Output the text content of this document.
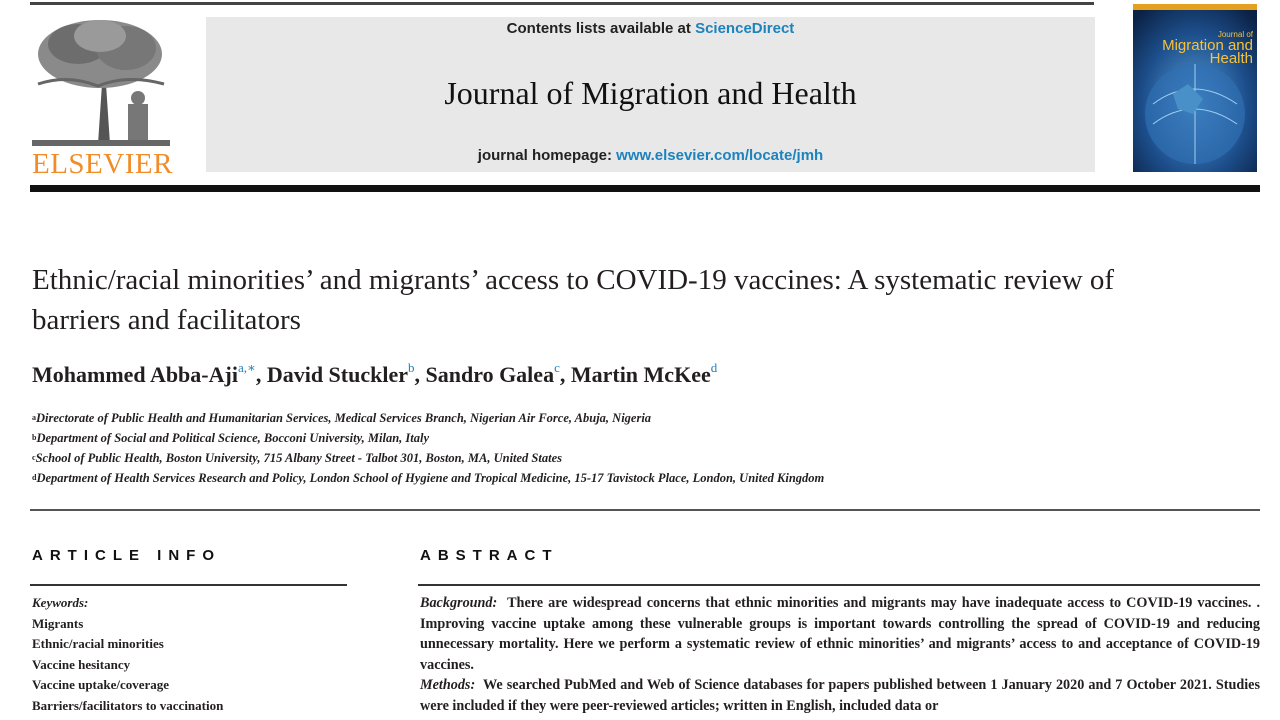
ELSEVIER
Contents lists available at ScienceDirect
Journal of Migration and Health
journal homepage: www.elsevier.com/locate/jmh
Journal of
Migration and Health
Ethnic/racial minorities’ and migrants’ access to COVID-19 vaccines: A systematic review of barriers and facilitators
Mohammed Abba-Aji$^{a,∗}$, David Stuckler$^b$, Sandro Galea$^c$, Martin McKee$^d$
$^a$Directorate of Public Health and Humanitarian Services, Medical Services Branch, Nigerian Air Force, Abuja, Nigeria
$^b$Department of Social and Political Science, Bocconi University, Milan, Italy
$^c$School of Public Health, Boston University, 715 Albany Street - Talbot 301, Boston, MA, United States
$^d$Department of Health Services Research and Policy, London School of Hygiene and Tropical Medicine, 15-17 Tavistock Place, London, United Kingdom
ARTICLE INFO
Keywords:
Migrants
Ethnic/racial minorities
Vaccine hesitancy
Vaccine uptake/coverage
Barriers/facilitators to vaccination
ABSTRACT
Background: There are widespread concerns that ethnic minorities and migrants may have inadequate access to COVID-19 vaccines. . Improving vaccine uptake among these vulnerable groups is important towards controlling the spread of COVID-19 and reducing unnecessary mortality. Here we perform a systematic review of ethnic minorities’ and migrants’ access to and acceptance of COVID-19 vaccines.
Methods: We searched PubMed and Web of Science databases for papers published between 1 January 2020 and 7 October 2021. Studies were included if they were peer-reviewed articles; written in English, included data or
